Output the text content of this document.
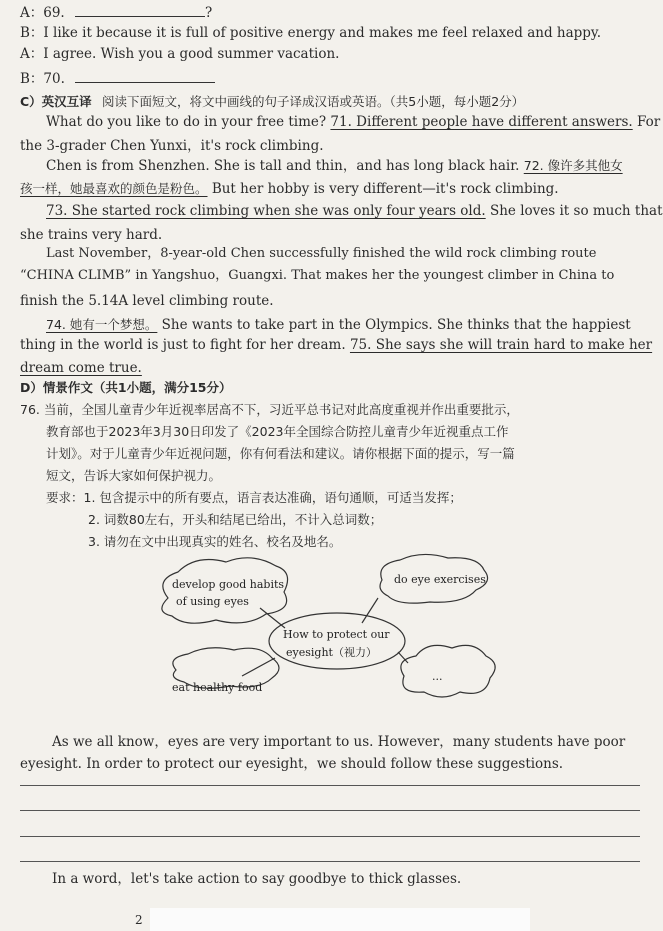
A：69.	?
B：I like it because it is full of positive energy and makes me feel relaxed and happy.
A：I agree. Wish you a good summer vacation.
B：70.
C）英汉互译 阅读下面短文，将文中画线的句子译成汉语或英语。（共5小题，每小题2分）
What do you like to do in your free time? 71. Different people have different answers. For
the 3-grader Chen Yunxi，it's rock climbing.
Chen is from Shenzhen. She is tall and thin，and has long black hair. 72. 像许多其他女
孩一样，她最喜欢的颜色是粉色。 But her hobby is very different—it's rock climbing.
73. She started rock climbing when she was only four years old. She loves it so much that
she trains very hard.
Last November，8-year-old Chen successfully finished the wild rock climbing route
“CHINA CLIMB” in Yangshuo，Guangxi. That makes her the youngest climber in China to
finish the 5.14A level climbing route.
74. 她有一个梦想。 She wants to take part in the Olympics. She thinks that the happiest
thing in the world is just to fight for her dream. 75. She says she will train hard to make her
dream come true.
D）情景作文（共1小题，满分15分）
76. 当前，全国儿童青少年近视率居高不下，习近平总书记对此高度重视并作出重要批示，
教育部也于2023年3月30日印发了《2023年全国综合防控儿童青少年近视重点工作
计划》。对于儿童青少年近视问题，你有何看法和建议。请你根据下面的提示，写一篇
短文，告诉大家如何保护视力。
要求：1. 包含提示中的所有要点，语言表达准确，语句通顺，可适当发挥；
2. 词数80左右，开头和结尾已给出，不计入总词数；
3. 请勿在文中出现真实的姓名、校名及地名。
develop good habits
of using eyes
do eye exercises
How to protect our
eyesight（视力）
eat healthy food
...
As we all know，eyes are very important to us. However，many students have poor
eyesight. In order to protect our eyesight，we should follow these suggestions.
In a word，let's take action to say goodbye to thick glasses.
2
